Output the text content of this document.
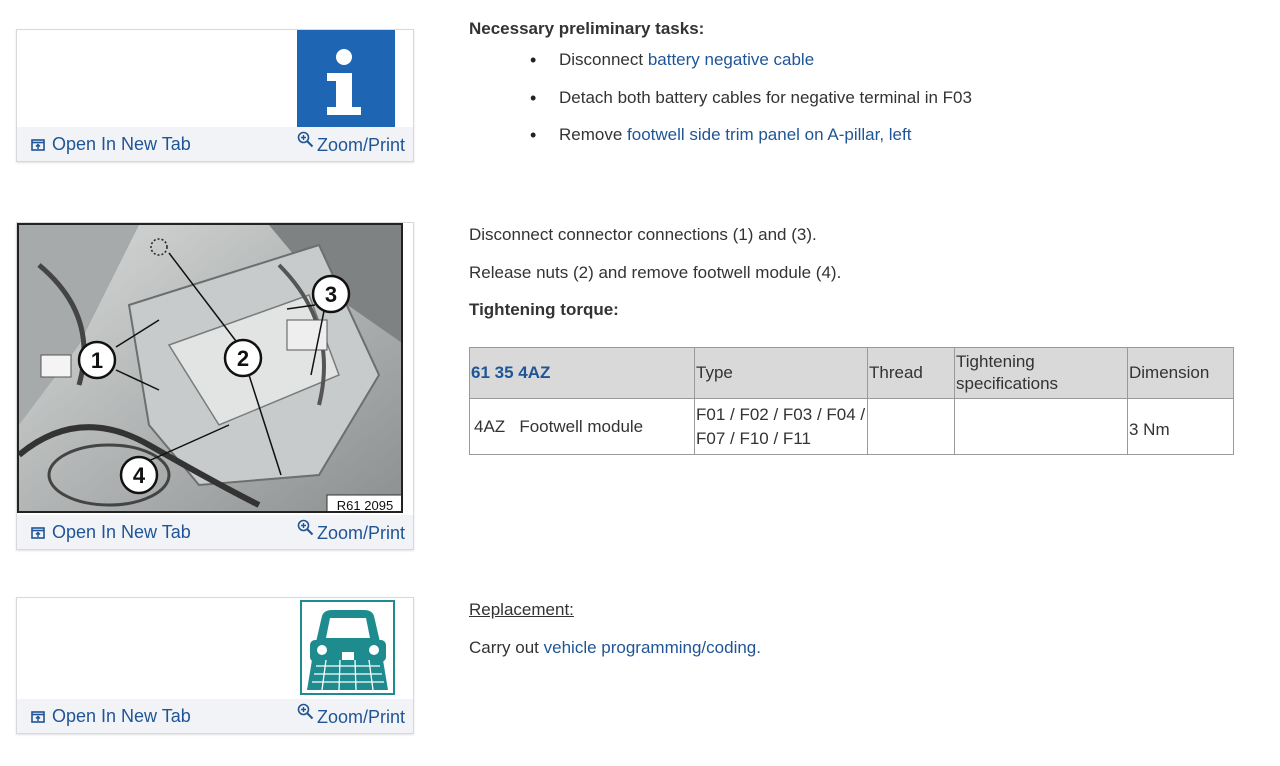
Open In New Tab	Zoom/Print
1	2
3
4
R61 2095
Open In New Tab	Zoom/Print
Open In New Tab	Zoom/Print
Necessary preliminary tasks:
• Disconnect battery negative cable
• Detach both battery cables for negative terminal in F03
• Remove footwell side trim panel on A-pillar, left
Disconnect connector connections (1) and (3).
Release nuts (2) and remove footwell module (4).
Tightening torque:
61 35 4AZ	Type	Thread	Tightening specifications	Dimension
4AZ   Footwell module	F01 / F02 / F03 / F04 / F07 / F10 / F11			3 Nm
Replacement:
Carry out vehicle programming/coding.
